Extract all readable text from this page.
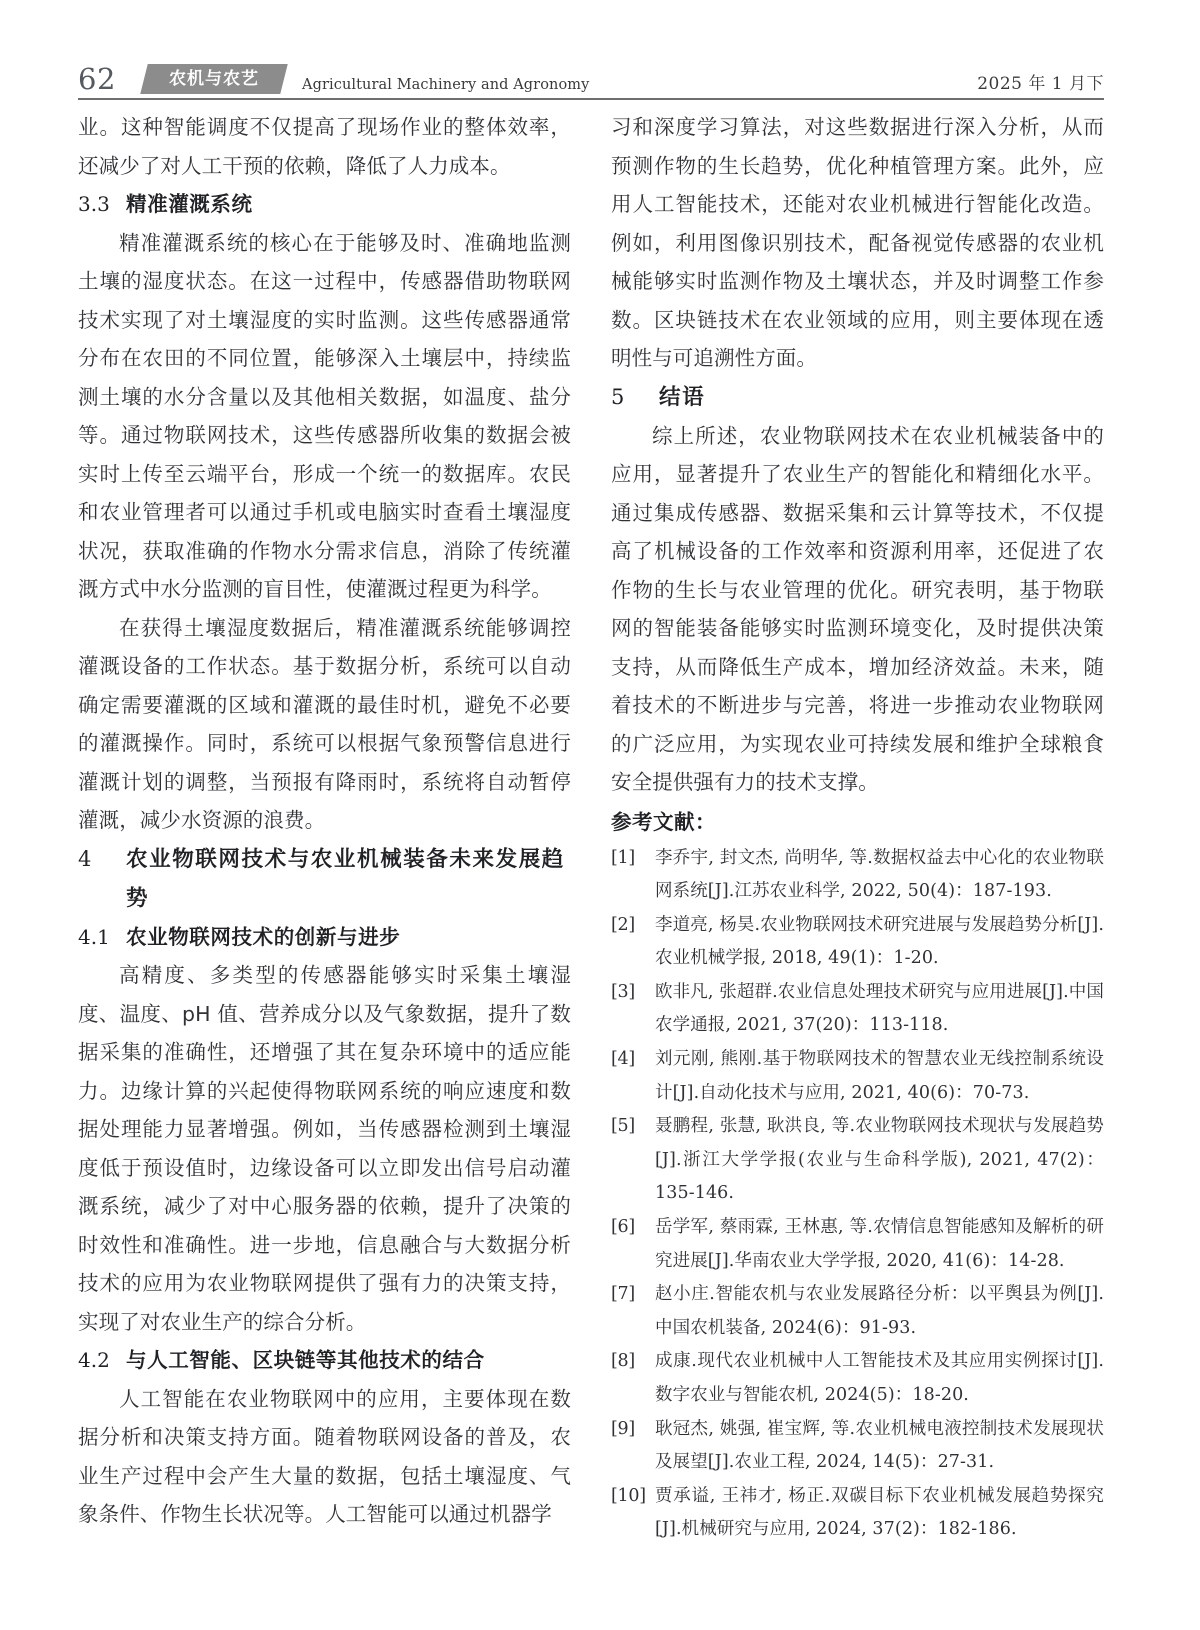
62	农机与农艺	Agricultural Machinery and Agronomy	2025 年 1 月下

业。这种智能调度不仅提高了现场作业的整体效率，还减少了对人工干预的依赖，降低了人力成本。

3.3 精准灌溉系统

精准灌溉系统的核心在于能够及时、准确地监测土壤的湿度状态。在这一过程中，传感器借助物联网技术实现了对土壤湿度的实时监测。这些传感器通常分布在农田的不同位置，能够深入土壤层中，持续监测土壤的水分含量以及其他相关数据，如温度、盐分等。通过物联网技术，这些传感器所收集的数据会被实时上传至云端平台，形成一个统一的数据库。农民和农业管理者可以通过手机或电脑实时查看土壤湿度状况，获取准确的作物水分需求信息，消除了传统灌溉方式中水分监测的盲目性，使灌溉过程更为科学。

在获得土壤湿度数据后，精准灌溉系统能够调控灌溉设备的工作状态。基于数据分析，系统可以自动确定需要灌溉的区域和灌溉的最佳时机，避免不必要的灌溉操作。同时，系统可以根据气象预警信息进行灌溉计划的调整，当预报有降雨时，系统将自动暂停灌溉，减少水资源的浪费。

4	农业物联网技术与农业机械装备未来发展趋势
4.1 农业物联网技术的创新与进步

高精度、多类型的传感器能够实时采集土壤湿度、温度、pH 值、营养成分以及气象数据，提升了数据采集的准确性，还增强了其在复杂环境中的适应能力。边缘计算的兴起使得物联网系统的响应速度和数据处理能力显著增强。例如，当传感器检测到土壤湿度低于预设值时，边缘设备可以立即发出信号启动灌溉系统，减少了对中心服务器的依赖，提升了决策的时效性和准确性。进一步地，信息融合与大数据分析技术的应用为农业物联网提供了强有力的决策支持，实现了对农业生产的综合分析。

4.2 与人工智能、区块链等其他技术的结合

人工智能在农业物联网中的应用，主要体现在数据分析和决策支持方面。随着物联网设备的普及，农业生产过程中会产生大量的数据，包括土壤湿度、气象条件、作物生长状况等。人工智能可以通过机器学

习和深度学习算法，对这些数据进行深入分析，从而预测作物的生长趋势，优化种植管理方案。此外，应用人工智能技术，还能对农业机械进行智能化改造。例如，利用图像识别技术，配备视觉传感器的农业机械能够实时监测作物及土壤状态，并及时调整工作参数。区块链技术在农业领域的应用，则主要体现在透明性与可追溯性方面。

5	结语

综上所述，农业物联网技术在农业机械装备中的应用，显著提升了农业生产的智能化和精细化水平。通过集成传感器、数据采集和云计算等技术，不仅提高了机械设备的工作效率和资源利用率，还促进了农作物的生长与农业管理的优化。研究表明，基于物联网的智能装备能够实时监测环境变化，及时提供决策支持，从而降低生产成本，增加经济效益。未来，随着技术的不断进步与完善，将进一步推动农业物联网的广泛应用，为实现农业可持续发展和维护全球粮食安全提供强有力的技术支撑。

参考文献：
[1]	李乔宇, 封文杰, 尚明华, 等.数据权益去中心化的农业物联网系统[J].江苏农业科学, 2022, 50(4)：187-193.
[2]	李道亮, 杨昊.农业物联网技术研究进展与发展趋势分析[J].农业机械学报, 2018, 49(1)：1-20.
[3]	欧非凡, 张超群.农业信息处理技术研究与应用进展[J].中国农学通报, 2021, 37(20)：113-118.
[4]	刘元刚, 熊刚.基于物联网技术的智慧农业无线控制系统设计[J].自动化技术与应用, 2021, 40(6)：70-73.
[5]	聂鹏程, 张慧, 耿洪良, 等.农业物联网技术现状与发展趋势[J].浙江大学学报(农业与生命科学版), 2021, 47(2)：135-146.
[6]	岳学军, 蔡雨霖, 王林惠, 等.农情信息智能感知及解析的研究进展[J].华南农业大学学报, 2020, 41(6)：14-28.
[7]	赵小庄.智能农机与农业发展路径分析：以平舆县为例[J].中国农机装备, 2024(6)：91-93.
[8]	成康.现代农业机械中人工智能技术及其应用实例探讨[J].数字农业与智能农机, 2024(5)：18-20.
[9]	耿冠杰, 姚强, 崔宝辉, 等.农业机械电液控制技术发展现状及展望[J].农业工程, 2024, 14(5)：27-31.
[10] 贾承谥, 王祎才, 杨正.双碳目标下农业机械发展趋势探究[J].机械研究与应用, 2024, 37(2)：182-186.
